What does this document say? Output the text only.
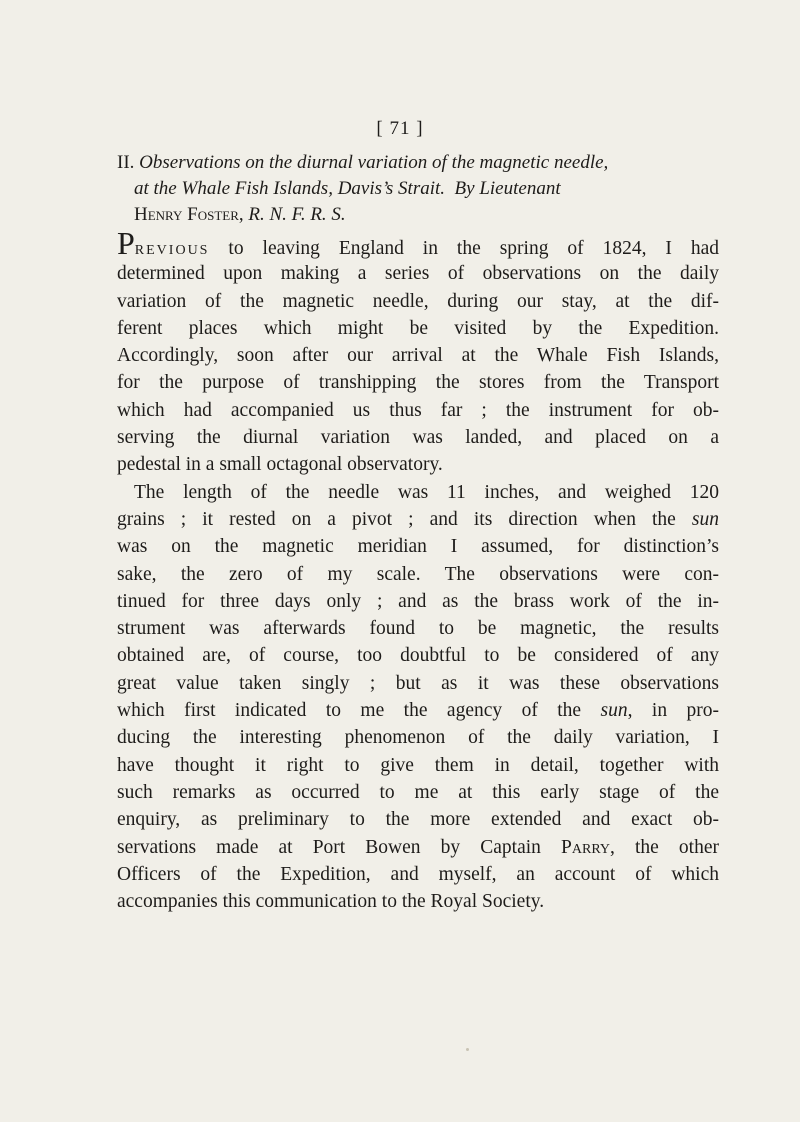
[ 71 ]
II. Observations on the diurnal variation of the magnetic needle,
at the Whale Fish Islands, Davis’s Strait. By Lieutenant
Henry Foster, R. N. F. R. S.
Previous to leaving England in the spring of 1824, I had
determined upon making a series of observations on the daily
variation of the magnetic needle, during our stay, at the dif-
ferent places which might be visited by the Expedition.
Accordingly, soon after our arrival at the Whale Fish Islands,
for the purpose of transhipping the stores from the Transport
which had accompanied us thus far ; the instrument for ob-
serving the diurnal variation was landed, and placed on a
pedestal in a small octagonal observatory.
The length of the needle was 11 inches, and weighed 120
grains ; it rested on a pivot ; and its direction when the sun
was on the magnetic meridian I assumed, for distinction’s
sake, the zero of my scale. The observations were con-
tinued for three days only ; and as the brass work of the in-
strument was afterwards found to be magnetic, the results
obtained are, of course, too doubtful to be considered of any
great value taken singly ; but as it was these observations
which first indicated to me the agency of the sun, in pro-
ducing the interesting phenomenon of the daily variation, I
have thought it right to give them in detail, together with
such remarks as occurred to me at this early stage of the
enquiry, as preliminary to the more extended and exact ob-
servations made at Port Bowen by Captain Parry, the other
Officers of the Expedition, and myself, an account of which
accompanies this communication to the Royal Society.
